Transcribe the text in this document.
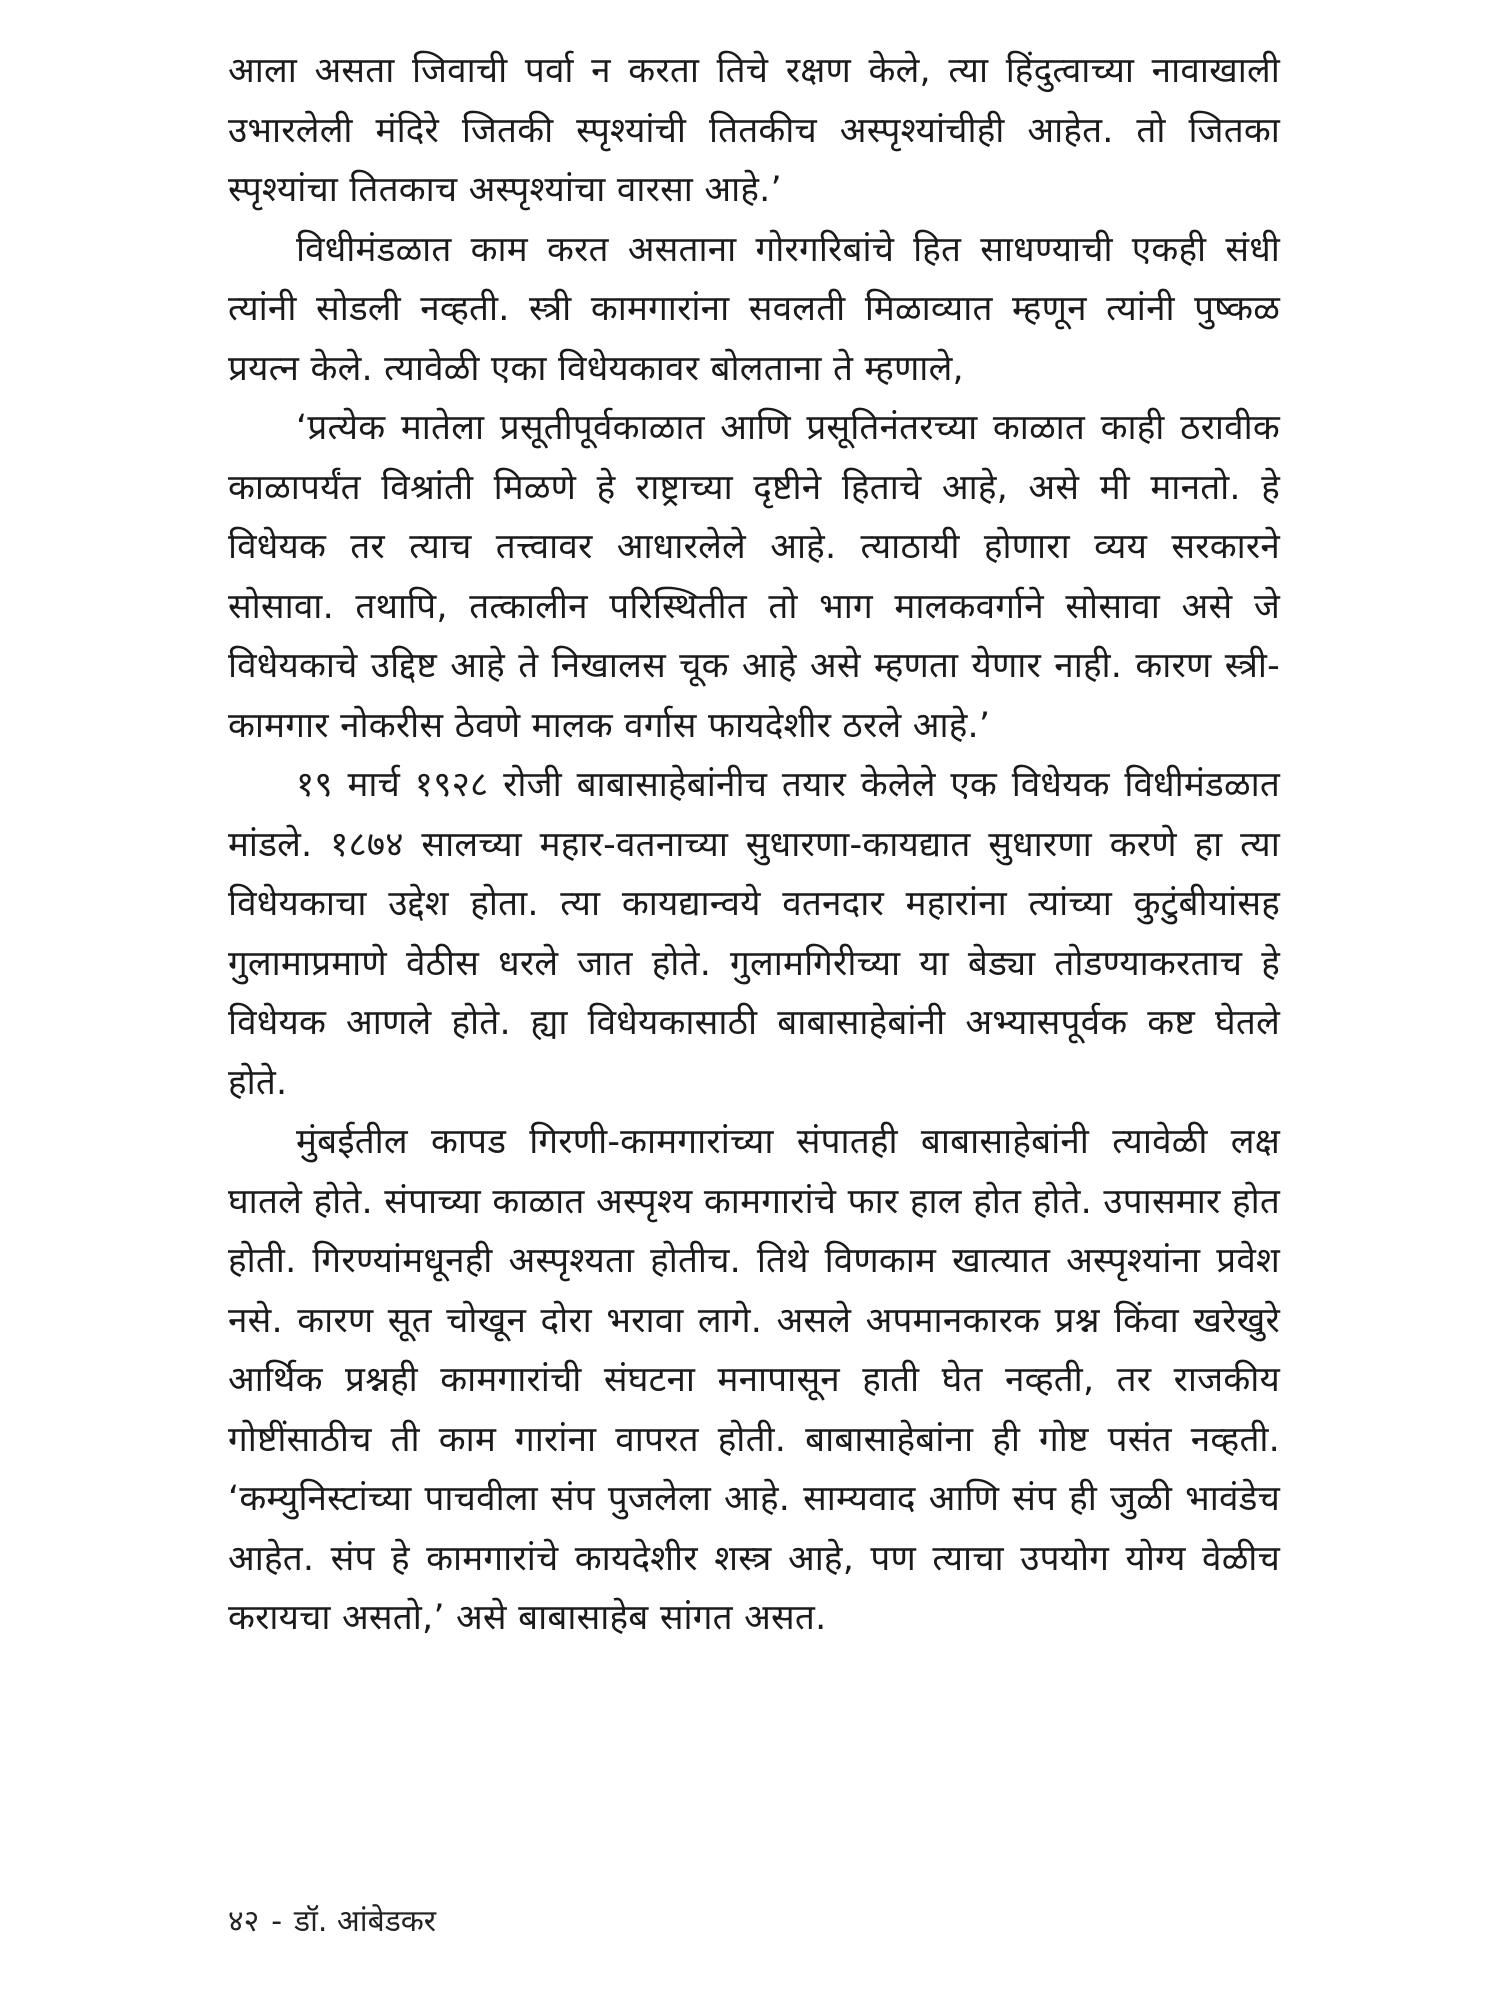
आला असता जिवाची पर्वा न करता तिचे रक्षण केले, त्या हिंदुत्वाच्या नावाखाली उभारलेली मंदिरे जितकी स्पृश्यांची तितकीच अस्पृश्यांचीही आहेत. तो जितका स्पृश्यांचा तितकाच अस्पृश्यांचा वारसा आहे.’

विधीमंडळात काम करत असताना गोरगरिबांचे हित साधण्याची एकही संधी त्यांनी सोडली नव्हती. स्त्री कामगारांना सवलती मिळाव्यात म्हणून त्यांनी पुष्कळ प्रयत्न केले. त्यावेळी एका विधेयकावर बोलताना ते म्हणाले,

‘प्रत्येक मातेला प्रसूतीपूर्वकाळात आणि प्रसूतिनंतरच्या काळात काही ठरावीक काळापर्यंत विश्रांती मिळणे हे राष्ट्राच्या दृष्टीने हिताचे आहे, असे मी मानतो. हे विधेयक तर त्याच तत्त्वावर आधारलेले आहे. त्याठायी होणारा व्यय सरकारने सोसावा. तथापि, तत्कालीन परिस्थितीत तो भाग मालकवर्गाने सोसावा असे जे विधेयकाचे उद्दिष्ट आहे ते निखालस चूक आहे असे म्हणता येणार नाही. कारण स्त्री-कामगार नोकरीस ठेवणे मालक वर्गास फायदेशीर ठरले आहे.’

१९ मार्च १९२८ रोजी बाबासाहेबांनीच तयार केलेले एक विधेयक विधीमंडळात मांडले. १८७४ सालच्या महार-वतनाच्या सुधारणा-कायद्यात सुधारणा करणे हा त्या विधेयकाचा उद्देश होता. त्या कायद्यान्वये वतनदार महारांना त्यांच्या कुटुंबीयांसह गुलामाप्रमाणे वेठीस धरले जात होते. गुलामगिरीच्या या बेड्या तोडण्याकरताच हे विधेयक आणले होते. ह्या विधेयकासाठी बाबासाहेबांनी अभ्यासपूर्वक कष्ट घेतले होते.

मुंबईतील कापड गिरणी-कामगारांच्या संपातही बाबासाहेबांनी त्यावेळी लक्ष घातले होते. संपाच्या काळात अस्पृश्य कामगारांचे फार हाल होत होते. उपासमार होत होती. गिरण्यांमधूनही अस्पृश्यता होतीच. तिथे विणकाम खात्यात अस्पृश्यांना प्रवेश नसे. कारण सूत चोखून दोरा भरावा लागे. असले अपमानकारक प्रश्न किंवा खरेखुरे आर्थिक प्रश्नही कामगारांची संघटना मनापासून हाती घेत नव्हती, तर राजकीय गोष्टींसाठीच ती काम गारांना वापरत होती. बाबासाहेबांना ही गोष्ट पसंत नव्हती. ‘कम्युनिस्टांच्या पाचवीला संप पुजलेला आहे. साम्यवाद आणि संप ही जुळी भावंडेच आहेत. संप हे कामगारांचे कायदेशीर शस्त्र आहे, पण त्याचा उपयोग योग्य वेळीच करायचा असतो,’ असे बाबासाहेब सांगत असत.

४२ - डॉ. आंबेडकर
